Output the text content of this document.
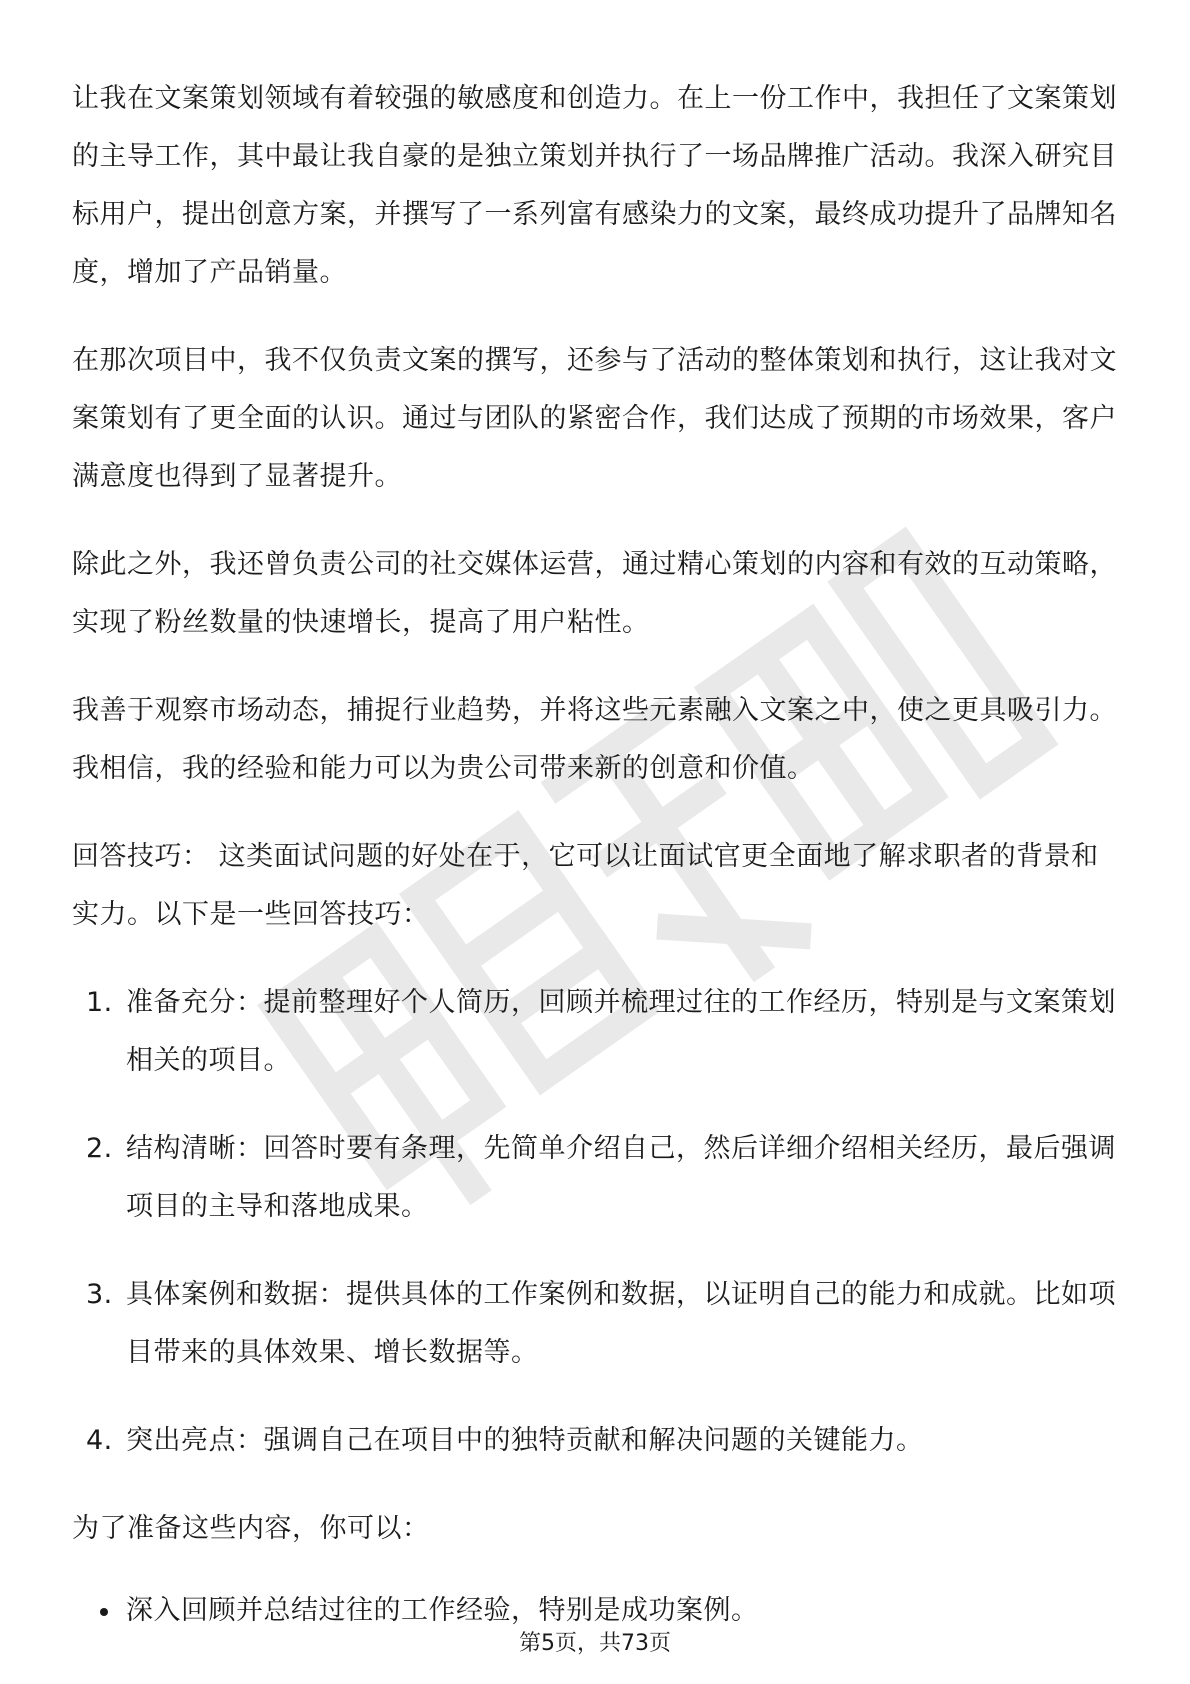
让我在文案策划领域有着较强的敏感度和创造力。在上一份工作中，我担任了文案策划的主导工作，其中最让我自豪的是独立策划并执行了一场品牌推广活动。我深入研究目标用户，提出创意方案，并撰写了一系列富有感染力的文案，最终成功提升了品牌知名度，增加了产品销量。

在那次项目中，我不仅负责文案的撰写，还参与了活动的整体策划和执行，这让我对文案策划有了更全面的认识。通过与团队的紧密合作，我们达成了预期的市场效果，客户满意度也得到了显著提升。

除此之外，我还曾负责公司的社交媒体运营，通过精心策划的内容和有效的互动策略，实现了粉丝数量的快速增长，提高了用户粘性。

我善于观察市场动态，捕捉行业趋势，并将这些元素融入文案之中，使之更具吸引力。我相信，我的经验和能力可以为贵公司带来新的创意和价值。

回答技巧： 这类面试问题的好处在于，它可以让面试官更全面地了解求职者的背景和实力。以下是一些回答技巧：

1. 准备充分：提前整理好个人简历，回顾并梳理过往的工作经历，特别是与文案策划相关的项目。
2. 结构清晰：回答时要有条理，先简单介绍自己，然后详细介绍相关经历，最后强调项目的主导和落地成果。
3. 具体案例和数据：提供具体的工作案例和数据，以证明自己的能力和成就。比如项目带来的具体效果、增长数据等。
4. 突出亮点：强调自己在项目中的独特贡献和解决问题的关键能力。

为了准备这些内容，你可以：

深入回顾并总结过往的工作经验，特别是成功案例。
第5页，共73页
